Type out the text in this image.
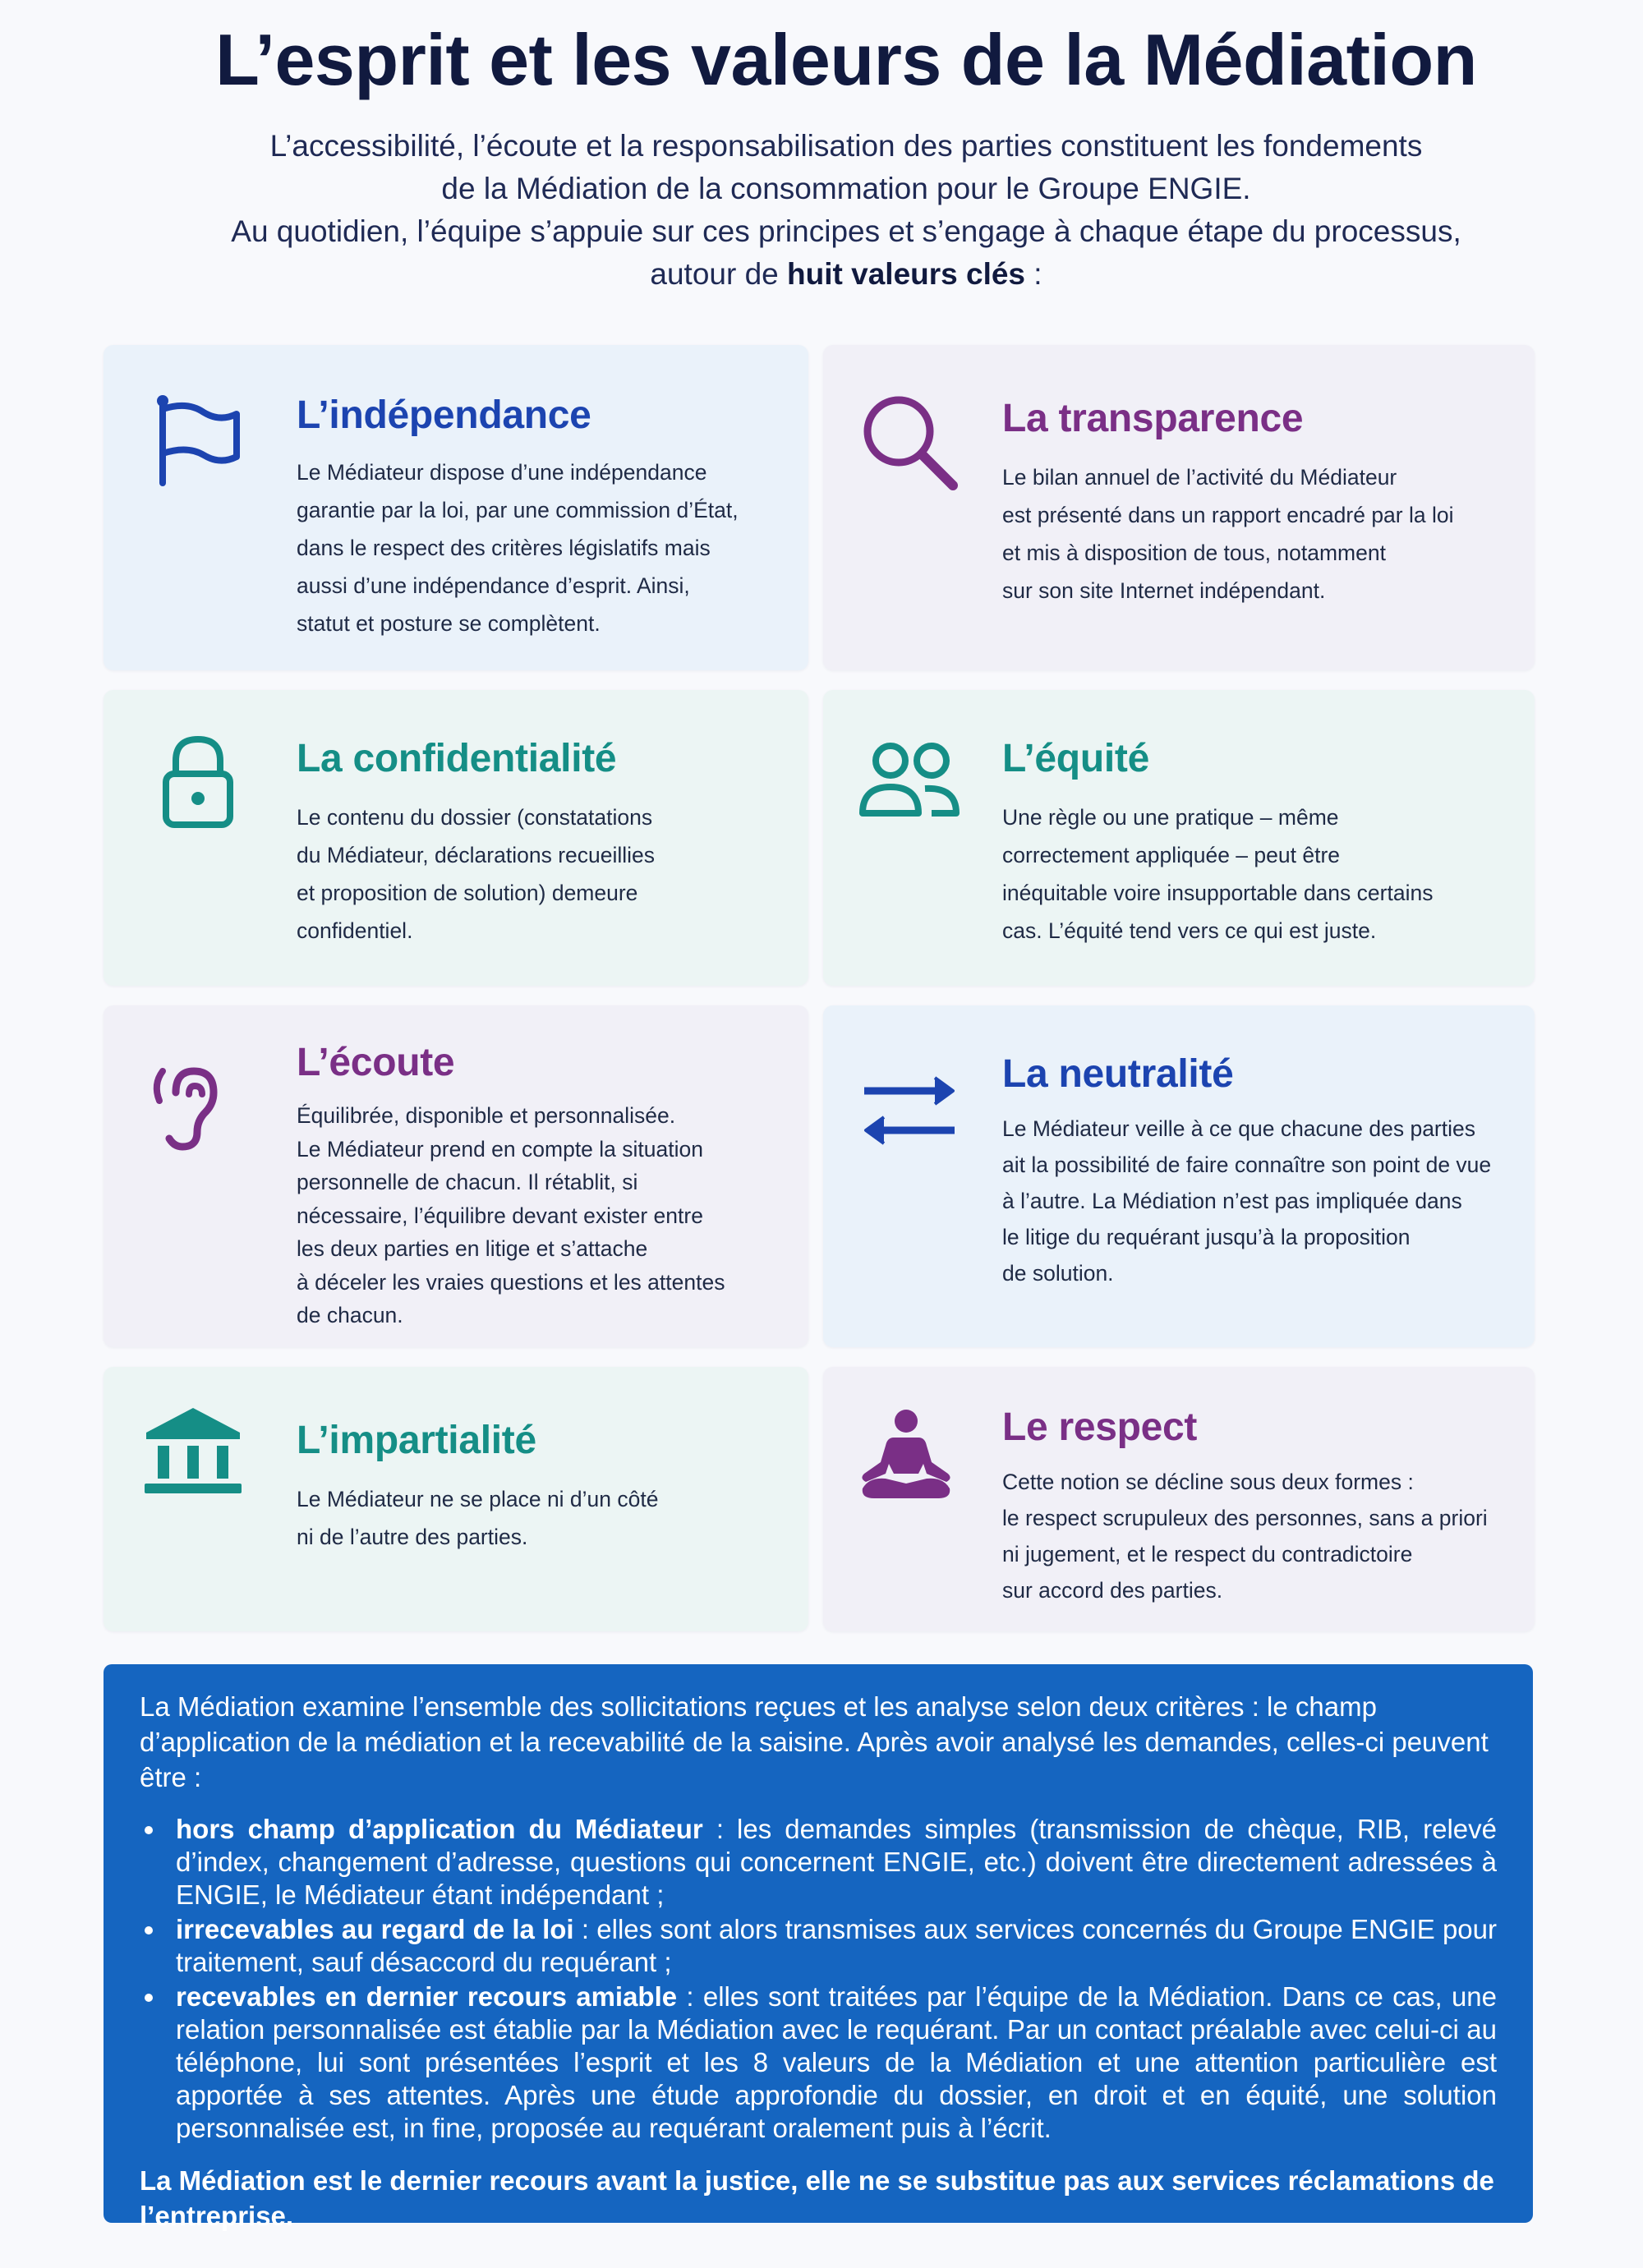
L’esprit et les valeurs de la Médiation
L’accessibilité, l’écoute et la responsabilisation des parties constituent les fondements
de la Médiation de la consommation pour le Groupe ENGIE.
Au quotidien, l’équipe s’appuie sur ces principes et s’engage à chaque étape du processus,
autour de huit valeurs clés :
L’indépendance

Le Médiateur dispose d’une indépendance
garantie par la loi, par une commission d’État,
dans le respect des critères législatifs mais
aussi d’une indépendance d’esprit. Ainsi,
statut et posture se complètent.

La transparence

Le bilan annuel de l’activité du Médiateur
est présenté dans un rapport encadré par la loi
et mis à disposition de tous, notamment
sur son site Internet indépendant.

La confidentialité

Le contenu du dossier (constatations
du Médiateur, déclarations recueillies
et proposition de solution) demeure
confidentiel.

L’équité

Une règle ou une pratique – même
correctement appliquée – peut être
inéquitable voire insupportable dans certains
cas. L’équité tend vers ce qui est juste.

L’écoute

Équilibrée, disponible et personnalisée.
Le Médiateur prend en compte la situation
personnelle de chacun. Il rétablit, si
nécessaire, l’équilibre devant exister entre
les deux parties en litige et s’attache
à déceler les vraies questions et les attentes
de chacun.

La neutralité

Le Médiateur veille à ce que chacune des parties
ait la possibilité de faire connaître son point de vue
à l’autre. La Médiation n’est pas impliquée dans
le litige du requérant jusqu’à la proposition
de solution.

L’impartialité

Le Médiateur ne se place ni d’un côté
ni de l’autre des parties.

Le respect

Cette notion se décline sous deux formes :
le respect scrupuleux des personnes, sans a priori
ni jugement, et le respect du contradictoire
sur accord des parties.

La Médiation examine l’ensemble des sollicitations reçues et les analyse selon deux critères : le champ d’application de la médiation et la recevabilité de la saisine. Après avoir analysé les demandes, celles-ci peuvent être :

hors champ d’application du Médiateur : les demandes simples (transmission de chèque, RIB, relevé d’index, changement d’adresse, questions qui concernent ENGIE, etc.) doivent être directement adressées à ENGIE, le Médiateur étant indépendant ;
irrecevables au regard de la loi : elles sont alors transmises aux services concernés du Groupe ENGIE pour traitement, sauf désaccord du requérant ;
recevables en dernier recours amiable : elles sont traitées par l’équipe de la Médiation. Dans ce cas, une relation personnalisée est établie par la Médiation avec le requérant. Par un contact préalable avec celui-ci au téléphone, lui sont présentées l’esprit et les 8 valeurs de la Médiation et une attention particulière est apportée à ses attentes. Après une étude approfondie du dossier, en droit et en équité, une solution personnalisée est, in fine, proposée au requérant oralement puis à l’écrit.

La Médiation est le dernier recours avant la justice, elle ne se substitue pas aux services réclamations de l’entreprise.
